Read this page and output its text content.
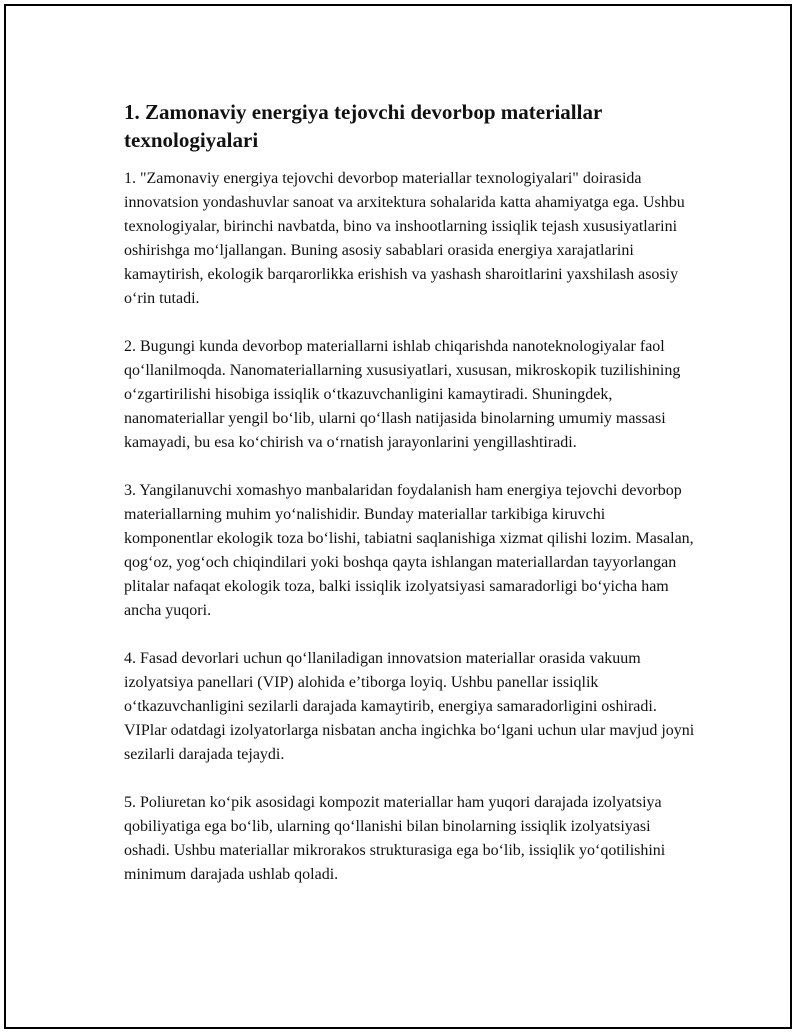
1. Zamonaviy energiya tejovchi devorbop materiallar texnologiyalari

1. "Zamonaviy energiya tejovchi devorbop materiallar texnologiyalari" doirasida innovatsion yondashuvlar sanoat va arxitektura sohalarida katta ahamiyatga ega. Ushbu texnologiyalar, birinchi navbatda, bino va inshootlarning issiqlik tejash xususiyatlarini oshirishga moʻljallangan. Buning asosiy sabablari orasida energiya xarajatlarini kamaytirish, ekologik barqarorlikka erishish va yashash sharoitlarini yaxshilash asosiy oʻrin tutadi.

2. Bugungi kunda devorbop materiallarni ishlab chiqarishda nanoteknologiyalar faol qoʻllanilmoqda. Nanomateriallarning xususiyatlari, xususan, mikroskopik tuzilishining oʻzgartirilishi hisobiga issiqlik oʻtkazuvchanligini kamaytiradi. Shuningdek, nanomateriallar yengil boʻlib, ularni qoʻllash natijasida binolarning umumiy massasi kamayadi, bu esa koʻchirish va oʻrnatish jarayonlarini yengillashtiradi.

3. Yangilanuvchi xomashyo manbalaridan foydalanish ham energiya tejovchi devorbop materiallarning muhim yoʻnalishidir. Bunday materiallar tarkibiga kiruvchi komponentlar ekologik toza boʻlishi, tabiatni saqlanishiga xizmat qilishi lozim. Masalan, qogʻoz, yogʻoch chiqindilari yoki boshqa qayta ishlangan materiallardan tayyorlangan plitalar nafaqat ekologik toza, balki issiqlik izolyatsiyasi samaradorligi boʻyicha ham ancha yuqori.

4. Fasad devorlari uchun qoʻllaniladigan innovatsion materiallar orasida vakuum izolyatsiya panellari (VIP) alohida e’tiborga loyiq. Ushbu panellar issiqlik oʻtkazuvchanligini sezilarli darajada kamaytirib, energiya samaradorligini oshiradi. VIPlar odatdagi izolyatorlarga nisbatan ancha ingichka boʻlgani uchun ular mavjud joyni sezilarli darajada tejaydi.

5. Poliuretan koʻpik asosidagi kompozit materiallar ham yuqori darajada izolyatsiya qobiliyatiga ega boʻlib, ularning qoʻllanishi bilan binolarning issiqlik izolyatsiyasi oshadi. Ushbu materiallar mikrorakos strukturasiga ega boʻlib, issiqlik yoʻqotilishini minimum darajada ushlab qoladi.
